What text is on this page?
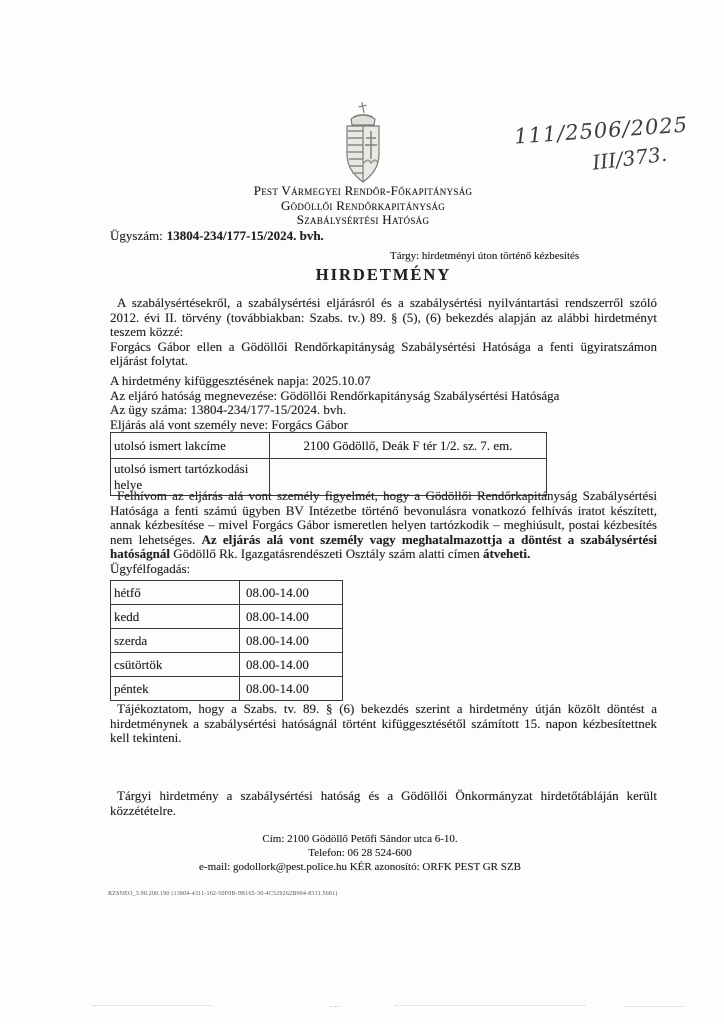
111/2506/2025
III/373.
Pest Vármegyei Rendőr-Főkapitányság
Gödöllői Rendőrkapitányság
Szabálysértési Hatóság
Ügyszám: 13804-234/177-15/2024. bvh.
Tárgy: hirdetményi úton történő kézbesítés
HIRDETMÉNY

A szabálysértésekről, a szabálysértési eljárásról és a szabálysértési nyilvántartási rendszerről szóló 2012. évi II. törvény (továbbiakban: Szabs. tv.) 89. § (5), (6) bekezdés alapján az alábbi hirdetményt teszem közzé:

Forgács Gábor ellen a Gödöllői Rendőrkapitányság Szabálysértési Hatósága a fenti ügyiratszámon eljárást folytat.

A hirdetmény kifüggesztésének napja: 2025.10.07
Az eljáró hatóság megnevezése: Gödöllői Rendőrkapitányság Szabálysértési Hatósága
Az ügy száma: 13804-234/177-15/2024. bvh.
Eljárás alá vont személy neve: Forgács Gábor
utolsó ismert lakcíme	2100 Gödöllő, Deák F tér 1/2. sz. 7. em.
utolsó ismert tartózkodási helye	

Felhívom az eljárás alá vont személy figyelmét, hogy a Gödöllői Rendőrkapitányság Szabálysértési Hatósága a fenti számú ügyben BV Intézetbe történő bevonulásra vonatkozó felhívás iratot készített, annak kézbesítése – mivel Forgács Gábor ismeretlen helyen tartózkodik – meghiúsult, postai kézbesítés nem lehetséges. Az eljárás alá vont személy vagy meghatalmazottja a döntést a szabálysértési hatóságnál Gödöllő Rk. Igazgatásrendészeti Osztály szám alatti címen átveheti.

Ügyfélfogadás:

hétfő	08.00-14.00
kedd	08.00-14.00
szerda	08.00-14.00
csütörtök	08.00-14.00
péntek	08.00-14.00

Tájékoztatom, hogy a Szabs. tv. 89. § (6) bekezdés szerint a hirdetmény útján közölt döntést a hirdetménynek a szabálysértési hatóságnál történt kifüggesztésétől számított 15. napon kézbesítettnek kell tekinteni.

Tárgyi hirdetmény a szabálysértési hatóság és a Gödöllői Önkormányzat hirdetőtábláján került közzétételre.

Cím: 2100 Gödöllő Petőfi Sándor utca 6-10.
Telefon: 06 28 524-600
e-mail: godollork@pest.police.hu KÉR azonosító: ORFK PEST GR SZB
RZSNEO_3.90.200.190 (13804-4311-162-50F0B-9B165-30-4C529262B904-8311.5681)
